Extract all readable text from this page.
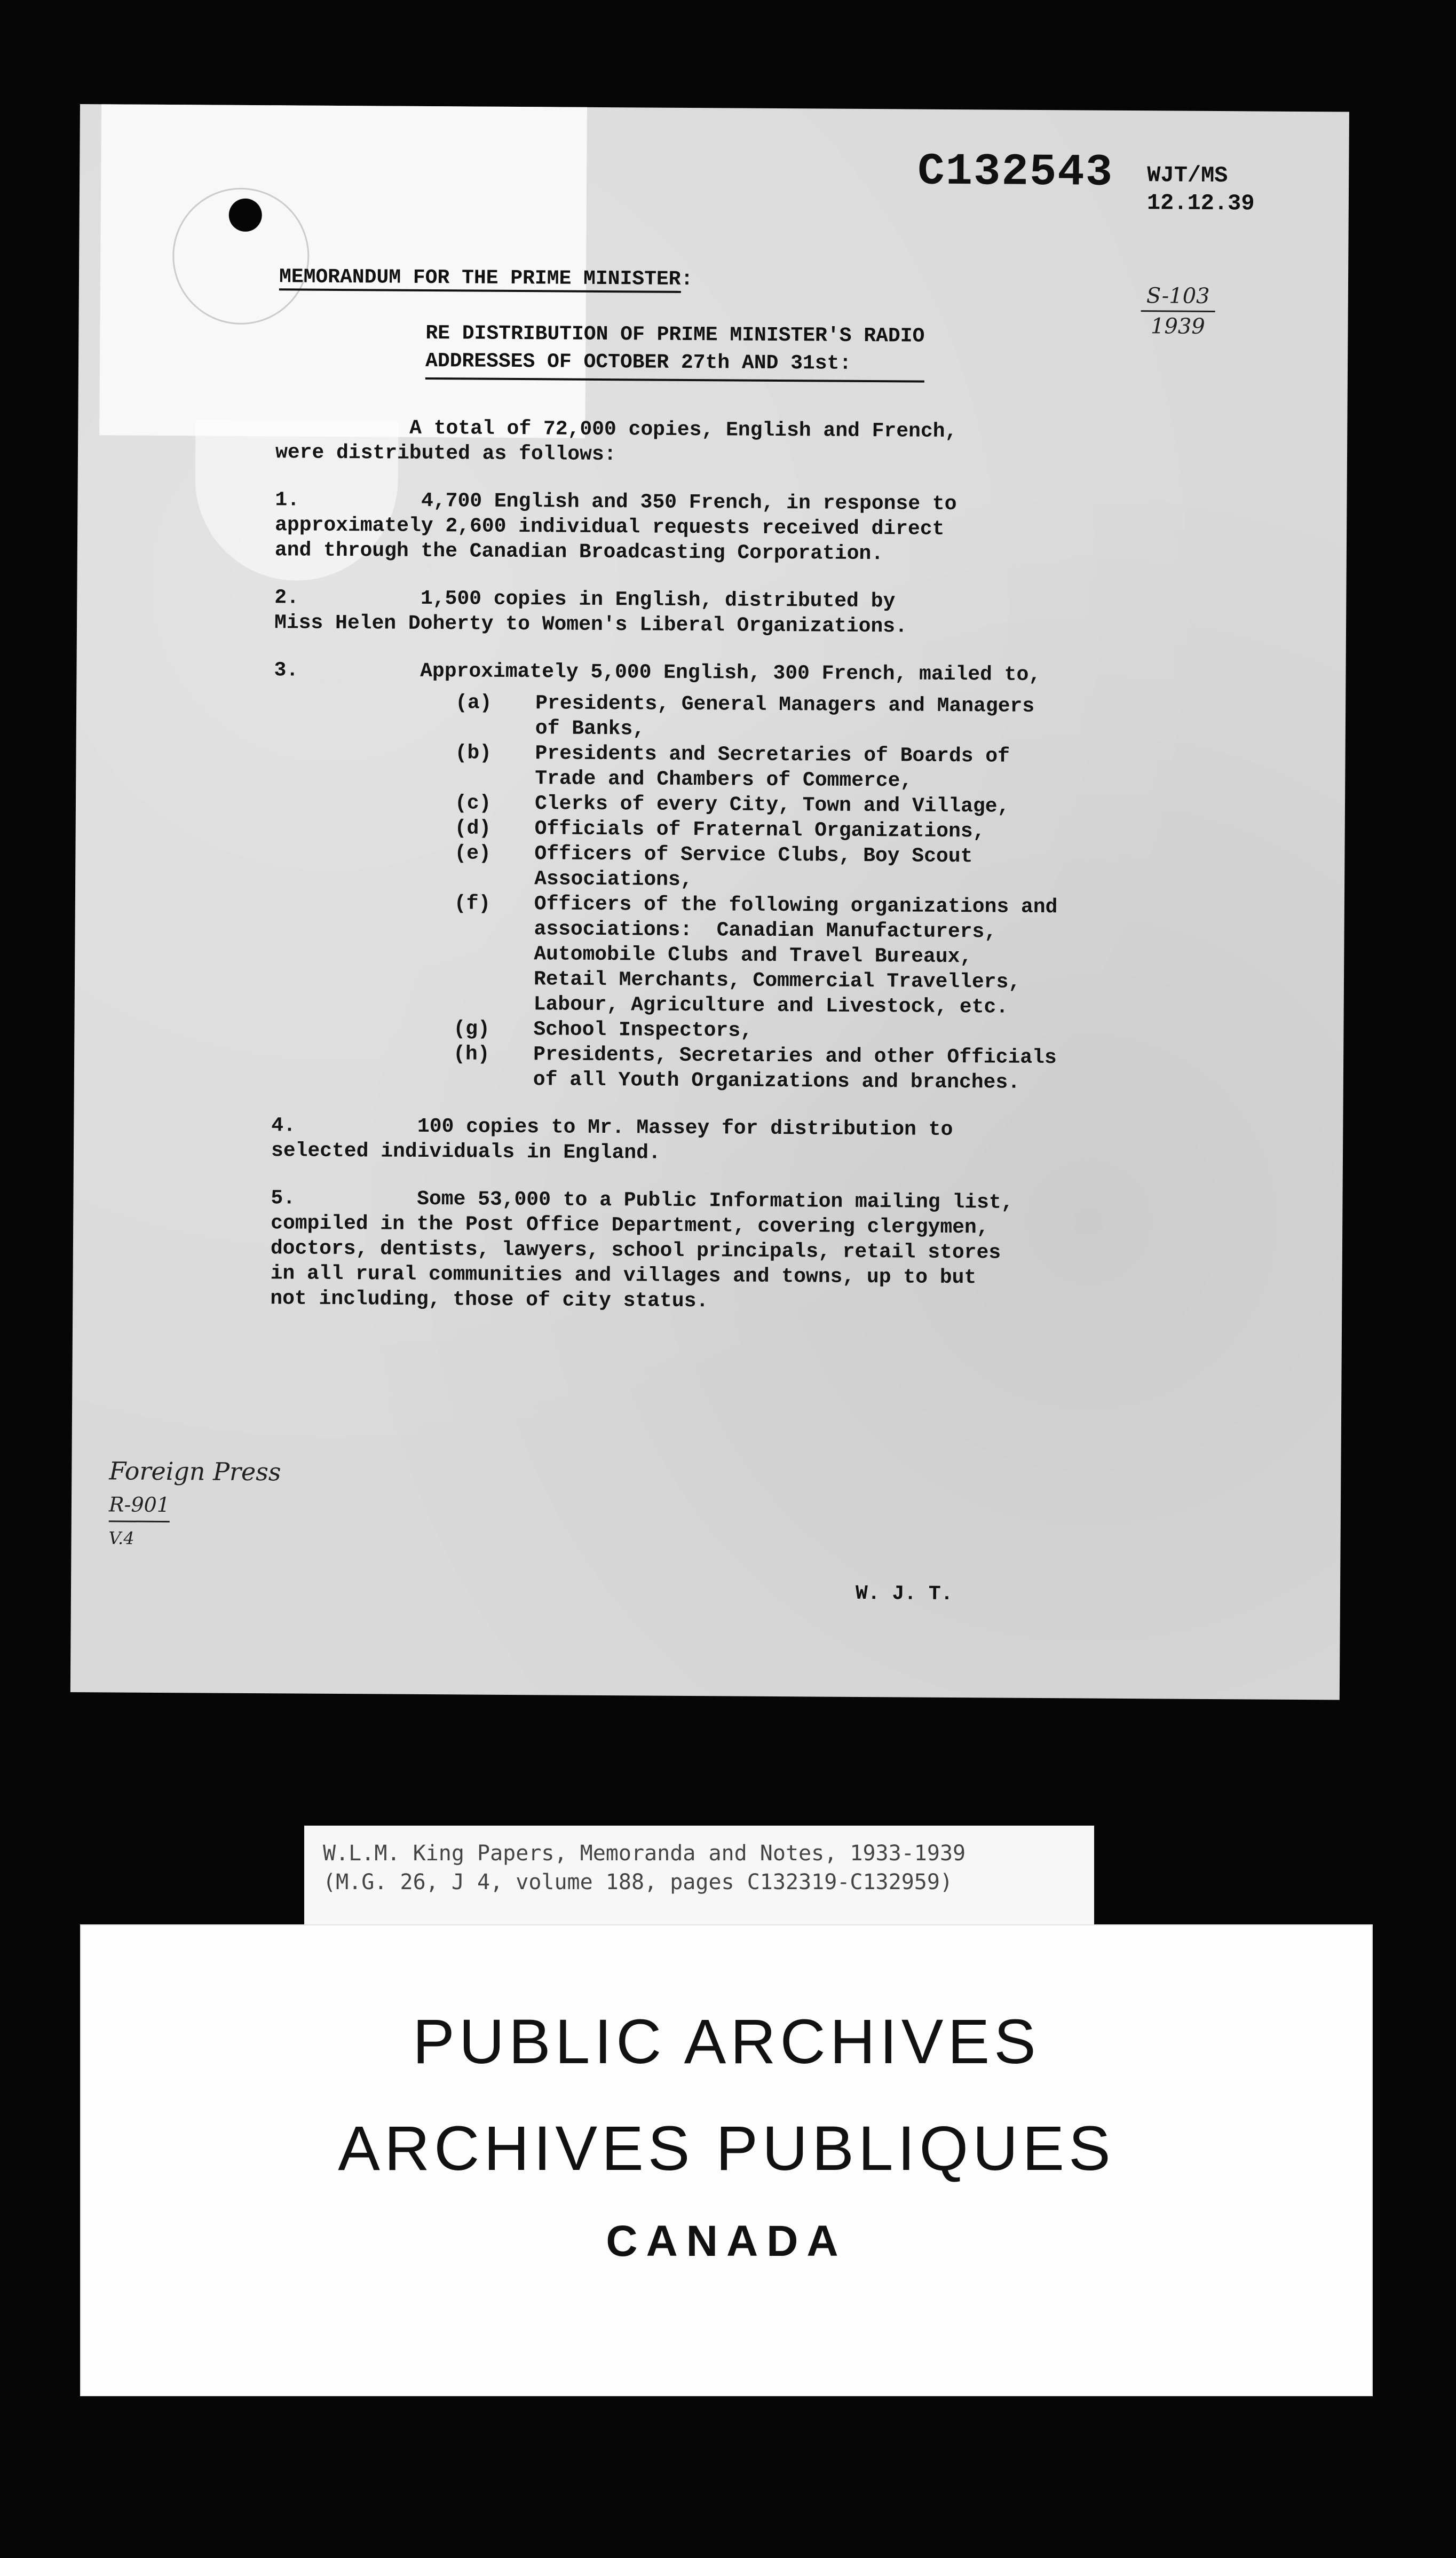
C132543 WJT/MS
12.12.39
S-103
1939
MEMORANDUM FOR THE PRIME MINISTER:
RE DISTRIBUTION OF PRIME MINISTER'S RADIO
ADDRESSES OF OCTOBER 27th AND 31st:
A total of 72,000 copies, English and French,
were distributed as follows:
1.          4,700 English and 350 French, in response to
approximately 2,600 individual requests received direct
and through the Canadian Broadcasting Corporation.
2.          1,500 copies in English, distributed by
Miss Helen Doherty to Women's Liberal Organizations.
3.          Approximately 5,000 English, 300 French, mailed to,
(a)	Presidents, General Managers and Managers
of Banks,
(b)	Presidents and Secretaries of Boards of
Trade and Chambers of Commerce,
(c)	Clerks of every City, Town and Village,
(d)	Officials of Fraternal Organizations,
(e)	Officers of Service Clubs, Boy Scout
Associations,
(f)	Officers of the following organizations and
associations:  Canadian Manufacturers,
Automobile Clubs and Travel Bureaux,
Retail Merchants, Commercial Travellers,
Labour, Agriculture and Livestock, etc.
(g)	School Inspectors,
(h)	Presidents, Secretaries and other Officials
of all Youth Organizations and branches.
4.          100 copies to Mr. Massey for distribution to
selected individuals in England.
5.          Some 53,000 to a Public Information mailing list,
compiled in the Post Office Department, covering clergymen,
doctors, dentists, lawyers, school principals, retail stores
in all rural communities and villages and towns, up to but
not including, those of city status.
Foreign Press
R-901
V.4
W. J. T.
W.L.M. King Papers, Memoranda and Notes, 1933-1939
(M.G. 26, J 4, volume 188, pages C132319-C132959)
PUBLIC ARCHIVES
ARCHIVES PUBLIQUES
CANADA
